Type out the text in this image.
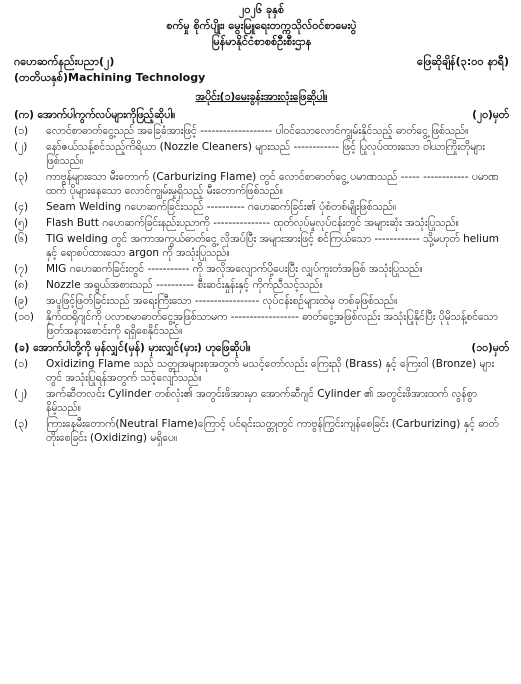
၂၀၂၆ ခုနှစ်
စက်မှု စိုက်ပျိုး၊ မွေးမြူရေးတက္ကသိုလ်ဝင်စာမေးပွဲ
မြန်မာနိုင်ငံစာစစ်ဦးစီးဌာန
ဂဟေဆက်နည်းပညာ(၂)	ဖြေဆိုချိန်(၃:၀၀ နာရီ)
(တတိယနှစ်)Machining Technology
အပိုင်း(၁)မေးခွန်းအားလုံးဖြေဆိုပါ။
(က) အောက်ပါကွက်လပ်များကိုဖြည့်ဆိုပါ။	(၂၀)မှတ်
(၁)	လောင်စာဓာတ်ငွေ့သည် အခြေခံအားဖြင့် ------------------- ပါဝင်သောလောင်ကျွမ်းနိုင်သည့် ဓာတ်ငွေ့ ဖြစ်သည်။
(၂)	နော်ဇယ်သန့်စင်သည့်ကိရိယာ (Nozzle Cleaners) များသည် ------------ ဖြင့် ပြုလုပ်ထားသော ဝါယာကြိုးတိုများဖြစ်သည်။
(၃)	ကာဗွန်များသော မီးတောက် (Carburizing Flame) တွင် လောင်စာဓာတ်ငွေ့ ပမာဏသည် ----- ------------ ပမာဏထက် ပိုများနေသော လောင်ကျွမ်းမှုရှိသည့် မီးတောက်ဖြစ်သည်။
(၄)	Seam Welding ဂဟေဆက်ခြင်းသည် ---------- ဂဟေဆက်ခြင်း၏ ပုံစံတစ်မျိုးဖြစ်သည်။
(၅)	Flash Butt ဂဟေဆက်ခြင်းနည်းပညာကို --------------- ထုတ်လုပ်မှုလုပ်ငန်းတွင် အများဆုံး အသုံးပြုသည်။
(၆)	TIG welding တွင် အကာအကွယ်ဓာတ်ငွေ့ လိုအပ်ပြီး အများအားဖြင့် စင်ကြယ်သော ------------ သို့မဟုတ် helium နှင့် ရောစပ်ထားသော argon ကို အသုံးပြုသည်။
(၇)	MIG ဂဟေဆက်ခြင်းတွင် ----------- ကို အလိုအလျောက်ပို့ပေးပြီး လျှပ်ကူးတံအဖြစ် အသုံးပြုသည်။
(၈)	Nozzle အရွယ်အစားသည် ---------- စီးဆင်းနှုန်းနှင့် ကိုက်ညီသင့်သည်။
(၉)	အပူဖြင့်ဖြတ်ခြင်းသည် အရေးကြီးသော ----------------- လုပ်ငန်းစဉ်များထဲမှ တစ်ခုဖြစ်သည်။
(၁၀)	နိုက်ထရိုဂျင်ကို ပလာစမာဓာတ်ငွေ့အဖြစ်သာမက ------------------ ဓာတ်ငွေ့အဖြစ်လည်း အသုံးပြုနိုင်ပြီး ပိုမိုသန့်စင်သော ဖြတ်အနားစောင်းကို ရရှိစေနိုင်သည်။
(ခ) အောက်ပါတို့ကို မှန်လျှင်(မှန်) မှားလျှင်(မှား) ဟုဖြေဆိုပါ။	(၁၀)မှတ်
(၁)	Oxidizing Flame သည် သတ္တုအများစုအတွက် မသင့်တော်လည်း ကြေးညို (Brass) နှင့် ကြေးဝါ (Bronze) များတွင် အသုံးပြုရန်အတွက် သင့်လျော်သည်။
(၂)	အက်ဆီတလင်း Cylinder တစ်လုံး၏ အတွင်းဖိအားမှာ အောက်ဆီဂျင် Cylinder ၏ အတွင်းဖိအားထက် လွန်စွာ နိမ့်သည်။
(၃)	ကြားနေမီးတောက်(Neutral Flame)ကြောင့် ပင်ရင်းသတ္တုတွင် ကာဗွန်ကြွင်းကျန်စေခြင်း (Carburizing) နှင့် ဓာတ်တိုးစေခြင်း (Oxidizing) မရှိပေ။
